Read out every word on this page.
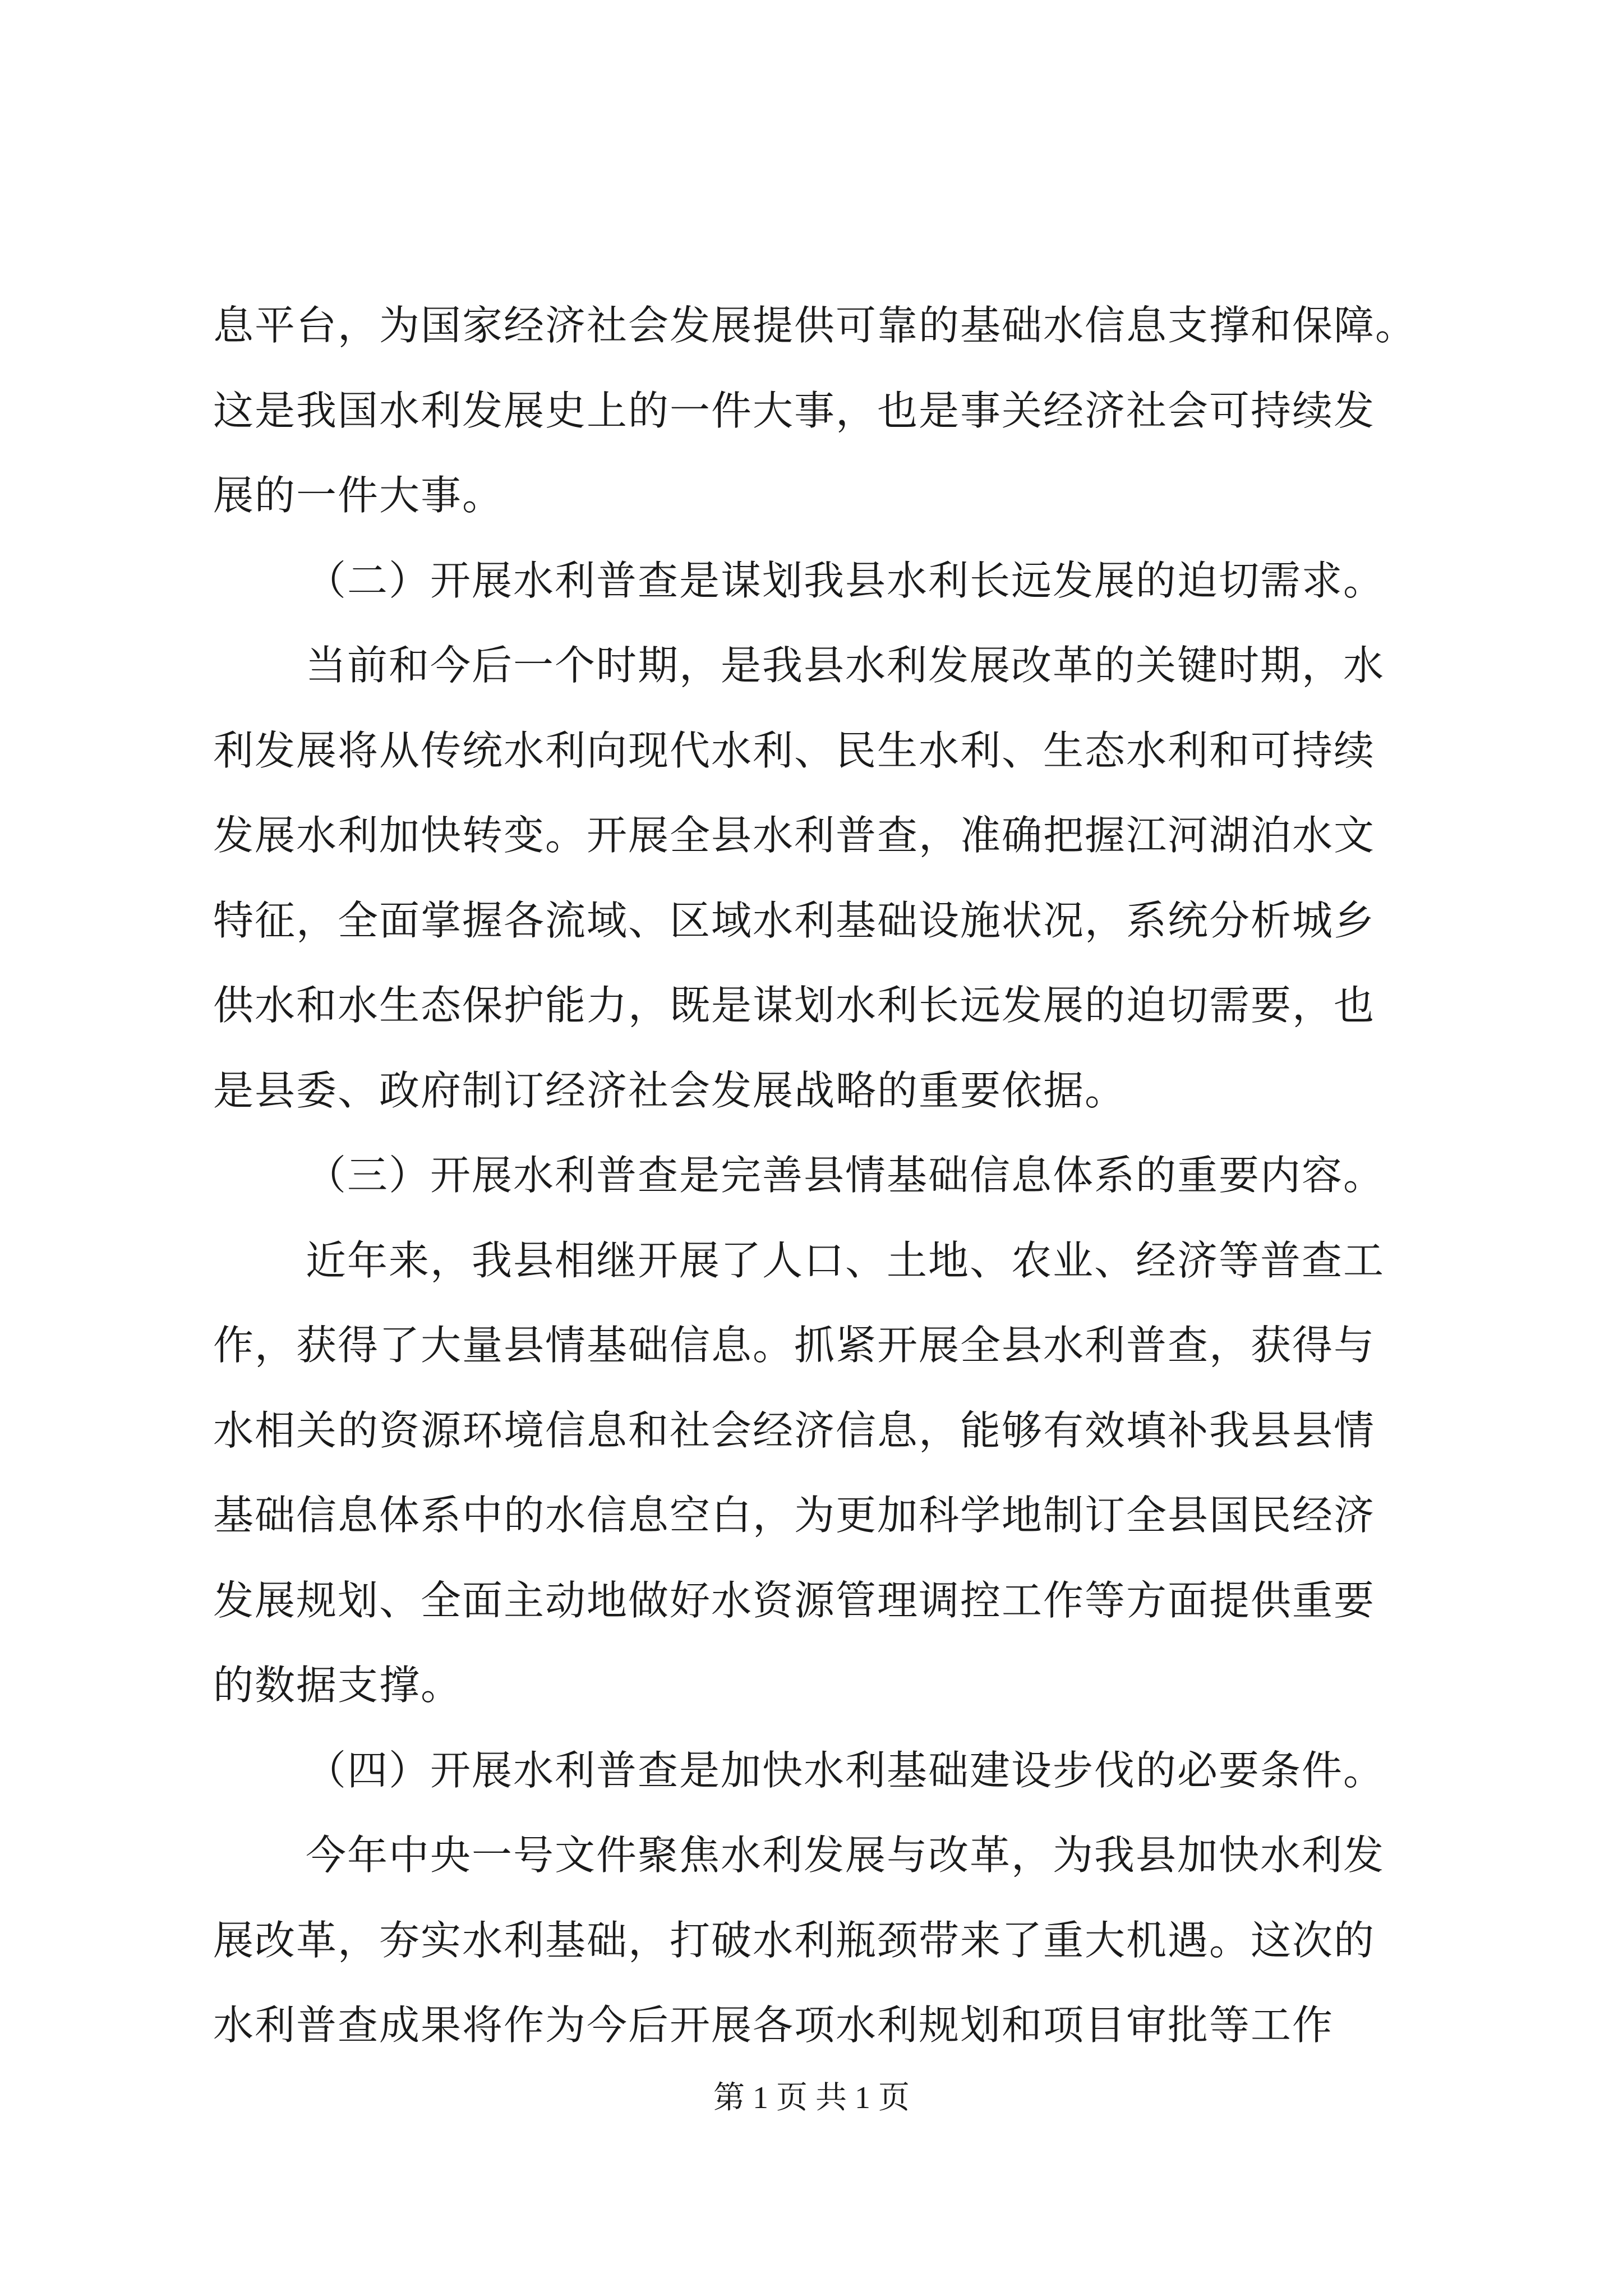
息平台，为国家经济社会发展提供可靠的基础水信息支撑和保障。
这是我国水利发展史上的一件大事，也是事关经济社会可持续发
展的一件大事。
（二）开展水利普查是谋划我县水利长远发展的迫切需求。
当前和今后一个时期，是我县水利发展改革的关键时期，水
利发展将从传统水利向现代水利、民生水利、生态水利和可持续
发展水利加快转变。开展全县水利普查，准确把握江河湖泊水文
特征，全面掌握各流域、区域水利基础设施状况，系统分析城乡
供水和水生态保护能力，既是谋划水利长远发展的迫切需要，也
是县委、政府制订经济社会发展战略的重要依据。
（三）开展水利普查是完善县情基础信息体系的重要内容。
近年来，我县相继开展了人口、土地、农业、经济等普查工
作，获得了大量县情基础信息。抓紧开展全县水利普查，获得与
水相关的资源环境信息和社会经济信息，能够有效填补我县县情
基础信息体系中的水信息空白，为更加科学地制订全县国民经济
发展规划、全面主动地做好水资源管理调控工作等方面提供重要
的数据支撑。
（四）开展水利普查是加快水利基础建设步伐的必要条件。
今年中央一号文件聚焦水利发展与改革，为我县加快水利发
展改革，夯实水利基础，打破水利瓶颈带来了重大机遇。这次的
水利普查成果将作为今后开展各项水利规划和项目审批等工作
第 1 页 共 1 页
